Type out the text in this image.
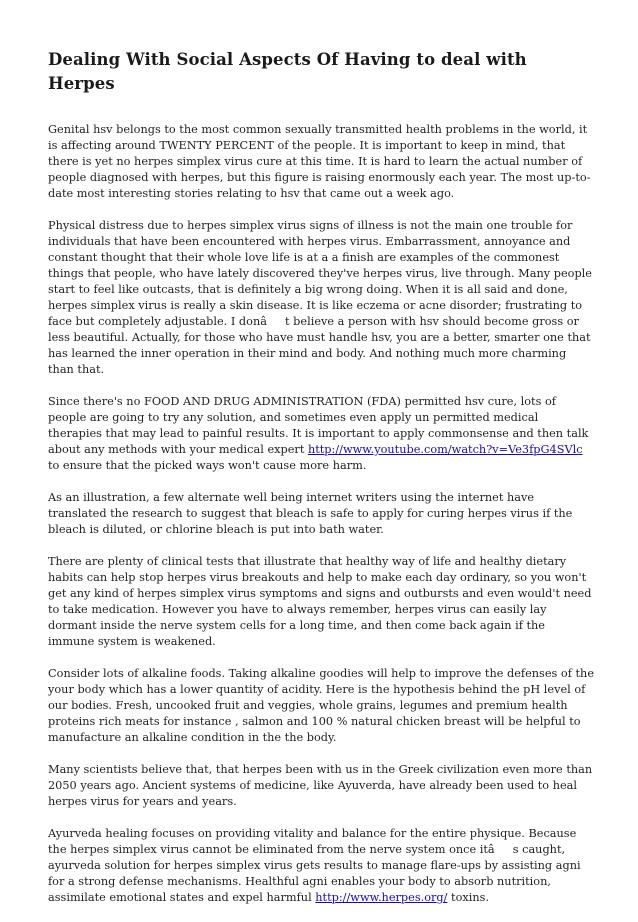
Dealing With Social Aspects Of Having to deal with Herpes

Genital hsv belongs to the most common sexually transmitted health problems in the world, it is affecting around TWENTY PERCENT of the people. It is important to keep in mind, that there is yet no herpes simplex virus cure at this time. It is hard to learn the actual number of people diagnosed with herpes, but this figure is raising enormously each year. The most up-to-date most interesting stories relating to hsv that came out a week ago.

Physical distress due to herpes simplex virus signs of illness is not the main one trouble for individuals that have been encountered with herpes virus. Embarrassment, annoyance and constant thought that their whole love life is at a a finish are examples of the commonest things that people, who have lately discovered they've herpes virus, live through. Many people start to feel like outcasts, that is definitely a big wrong doing. When it is all said and done, herpes simplex virus is really a skin disease. It is like eczema or acne disorder; frustrating to face but completely adjustable. I donât believe a person with hsv should become gross or less beautiful. Actually, for those who have must handle hsv, you are a better, smarter one that has learned the inner operation in their mind and body. And nothing much more charming than that.

Since there's no FOOD AND DRUG ADMINISTRATION (FDA) permitted hsv cure, lots of people are going to try any solution, and sometimes even apply un permitted medical therapies that may lead to painful results. It is important to apply commonsense and then talk about any methods with your medical expert http://www.youtube.com/watch?v=Ve3fpG4SVlc to ensure that the picked ways won't cause more harm.

As an illustration, a few alternate well being internet writers using the internet have translated the research to suggest that bleach is safe to apply for curing herpes virus if the bleach is diluted, or chlorine bleach is put into bath water.

There are plenty of clinical tests that illustrate that healthy way of life and healthy dietary habits can help stop herpes virus breakouts and help to make each day ordinary, so you won't get any kind of herpes simplex virus symptoms and signs and outbursts and even would't need to take medication. However you have to always remember, herpes virus can easily lay dormant inside the nerve system cells for a long time, and then come back again if the immune system is weakened.

Consider lots of alkaline foods. Taking alkaline goodies will help to improve the defenses of the your body which has a lower quantity of acidity. Here is the hypothesis behind the pH level of our bodies. Fresh, uncooked fruit and veggies, whole grains, legumes and premium health proteins rich meats for instance , salmon and 100 % natural chicken breast will be helpful to manufacture an alkaline condition in the the body.

Many scientists believe that, that herpes been with us in the Greek civilization even more than 2050 years ago. Ancient systems of medicine, like Ayuverda, have already been used to heal herpes virus for years and years.

Ayurveda healing focuses on providing vitality and balance for the entire physique. Because the herpes simplex virus cannot be eliminated from the nerve system once itâs caught, ayurveda solution for herpes simplex virus gets results to manage flare-ups by assisting agni for a strong defense mechanisms. Healthful agni enables your body to absorb nutrition, assimilate emotional states and expel harmful http://www.herpes.org/ toxins.
